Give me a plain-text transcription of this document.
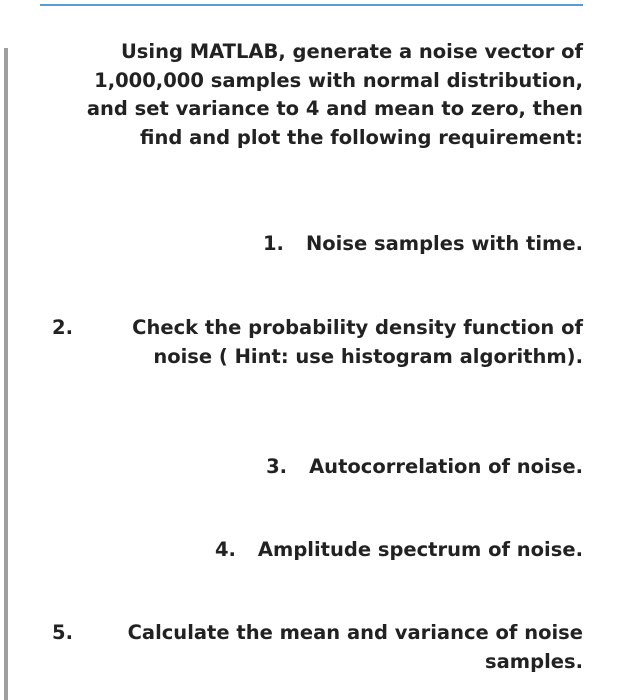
Using MATLAB, generate a noise vector of 1,000,000 samples with normal distribution, and set variance to 4 and mean to zero, then find and plot the following requirement:

1. Noise samples with time.

2.	Check the probability density function of noise ( Hint: use histogram algorithm).

3. Autocorrelation of noise.

4. Amplitude spectrum of noise.

5.	Calculate the mean and variance of noise samples.
